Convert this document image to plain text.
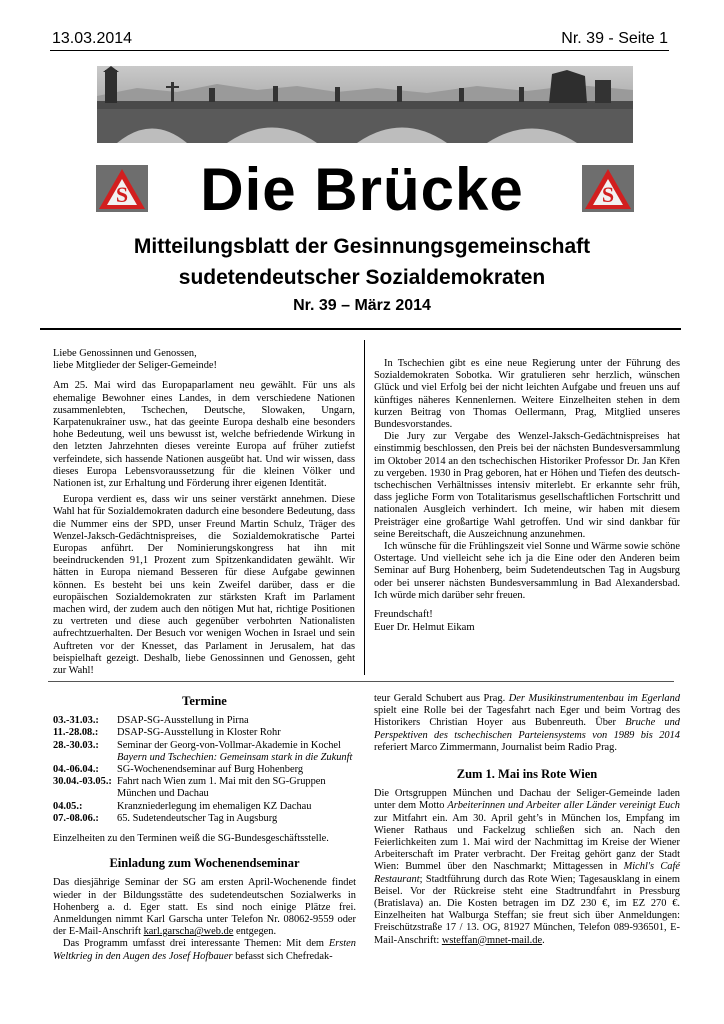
13.03.2014	Nr. 39 - Seite 1
S	S
Die Brücke
Mitteilungsblatt der Gesinnungsgemeinschaft
sudetendeutscher Sozialdemokraten
Nr. 39 – März 2014
Liebe Genossinnen und Genossen,

liebe Mitglieder der Seliger-Gemeinde!

Am 25. Mai wird das Europaparlament neu gewählt. Für uns als ehemalige Bewohner eines Landes, in dem verschiedene Nationen zusammenlebten, Tschechen, Deutsche, Slowaken, Ungarn, Karpatenukrainer usw., hat das geeinte Europa deshalb eine besonders hohe Bedeutung, weil uns bewusst ist, welche befriedende Wirkung in den letzten Jahrzehnten dieses vereinte Europa auf früher zutiefst verfeindete, sich hassende Nationen ausgeübt hat. Und wir wissen, dass dieses Europa Lebensvoraussetzung für die kleinen Völker und Nationen ist, zur Erhaltung und Förderung ihrer eigenen Identität.

Europa verdient es, dass wir uns seiner verstärkt annehmen. Diese Wahl hat für Sozialdemokraten dadurch eine besondere Bedeutung, dass die Nummer eins der SPD, unser Freund Martin Schulz, Träger des Wenzel-Jaksch-Gedächtnispreises, die Sozialdemokratische Partei Europas anführt. Der Nominierungskongress hat ihn mit beeindruckenden 91,1 Prozent zum Spitzenkandidaten gewählt. Wir hätten in Europa niemand Besseren für diese Aufgabe gewinnen können. Es besteht bei uns kein Zweifel darüber, dass er die europäischen Sozialdemokraten zur stärksten Kraft im Parlament machen wird, der zudem auch den nötigen Mut hat, richtige Positionen zu vertreten und diese auch gegenüber verbohrten Nationalisten aufrechtzuerhalten. Der Besuch vor wenigen Wochen in Israel und sein Auftreten vor der Knesset, das Parlament in Jerusalem, hat das beispielhaft gezeigt. Deshalb, liebe Genossinnen und Genossen, geht zur Wahl!

In Tschechien gibt es eine neue Regierung unter der Führung des Sozialdemokraten Sobotka. Wir gratulieren sehr herzlich, wünschen Glück und viel Erfolg bei der nicht leichten Aufgabe und freuen uns auf künftiges näheres Kennenlernen. Weitere Einzelheiten stehen in dem kurzen Beitrag von Thomas Oellermann, Prag, Mitglied unseres Bundesvorstandes.

Die Jury zur Vergabe des Wenzel-Jaksch-Gedächtnispreises hat einstimmig beschlossen, den Preis bei der nächsten Bundesversammlung im Oktober 2014 an den tschechischen Historiker Professor Dr. Jan Křen zu vergeben. 1930 in Prag geboren, hat er Höhen und Tiefen des deutsch-tschechischen Verhältnisses intensiv miterlebt. Er erkannte sehr früh, dass jegliche Form von Totalitarismus gesellschaftlichen Fortschritt und nationalen Ausgleich verhindert. Ich meine, wir haben mit diesem Preisträger eine großartige Wahl getroffen. Und wir sind dankbar für seine Bereitschaft, die Auszeichnung anzunehmen.

Ich wünsche für die Frühlingszeit viel Sonne und Wärme sowie schöne Ostertage. Und vielleicht sehe ich ja die Eine oder den Anderen beim Seminar auf Burg Hohenberg, beim Sudetendeutschen Tag in Augsburg oder bei unserer nächsten Bundesversammlung in Bad Alexandersbad. Ich würde mich darüber sehr freuen.

Freundschaft!
Euer Dr. Helmut Eikam
Termine
03.-31.03.:	DSAP-SG-Ausstellung in Pirna
11.-28.08.:	DSAP-SG-Ausstellung in Kloster Rohr
28.-30.03.:	Seminar der Georg-von-Vollmar-Akademie in Kochel
Bayern und Tschechien: Gemeinsam stark in die Zukunft
04.-06.04.:	SG-Wochenendseminar auf Burg Hohenberg
30.04.-03.05.:	Fahrt nach Wien zum 1. Mai mit den SG-Gruppen München und Dachau
04.05.:	Kranzniederlegung im ehemaligen KZ Dachau
07.-08.06.:	65. Sudetendeutscher Tag in Augsburg
Einzelheiten zu den Terminen weiß die SG-Bundesgeschäftsstelle.
Einladung zum Wochenendseminar

Das diesjährige Seminar der SG am ersten April-Wochenende findet wieder in der Bildungsstätte des sudetendeutschen Sozialwerks in Hohenberg a. d. Eger statt. Es sind noch einige Plätze frei. Anmeldungen nimmt Karl Garscha unter Telefon Nr. 08062-9559 oder der E-Mail-Anschrift karl.garscha@web.de entgegen.

Das Programm umfasst drei interessante Themen: Mit dem Ersten Weltkrieg in den Augen des Josef Hofbauer befasst sich Chefredak-

teur Gerald Schubert aus Prag. Der Musikinstrumentenbau im Egerland spielt eine Rolle bei der Tagesfahrt nach Eger und beim Vortrag des Historikers Christian Hoyer aus Bubenreuth. Über Bruche und Perspektiven des tschechischen Parteiensystems von 1989 bis 2014 referiert Marco Zimmermann, Journalist beim Radio Prag.

Zum 1. Mai ins Rote Wien

Die Ortsgruppen München und Dachau der Seliger-Gemeinde laden unter dem Motto Arbeiterinnen und Arbeiter aller Länder vereinigt Euch zur Mitfahrt ein. Am 30. April geht’s in München los, Empfang im Wiener Rathaus und Fackelzug schließen sich an. Nach den Feierlichkeiten zum 1. Mai wird der Nachmittag im Kreise der Wiener Arbeiterschaft im Prater verbracht. Der Freitag gehört ganz der Stadt Wien: Bummel über den Naschmarkt; Mittagessen in Michl's Café Restaurant; Stadtführung durch das Rote Wien; Tagesausklang in einem Beisel. Vor der Rückreise steht eine Stadtrundfahrt in Pressburg (Bratislava) an. Die Kosten betragen im DZ 230 €, im EZ 270 €. Einzelheiten hat Walburga Steffan; sie freut sich über Anmeldungen: Freischützstraße 17 / 13. OG, 81927 München, Telefon 089-936501, E-Mail-Anschrift: wsteffan@mnet-mail.de.
